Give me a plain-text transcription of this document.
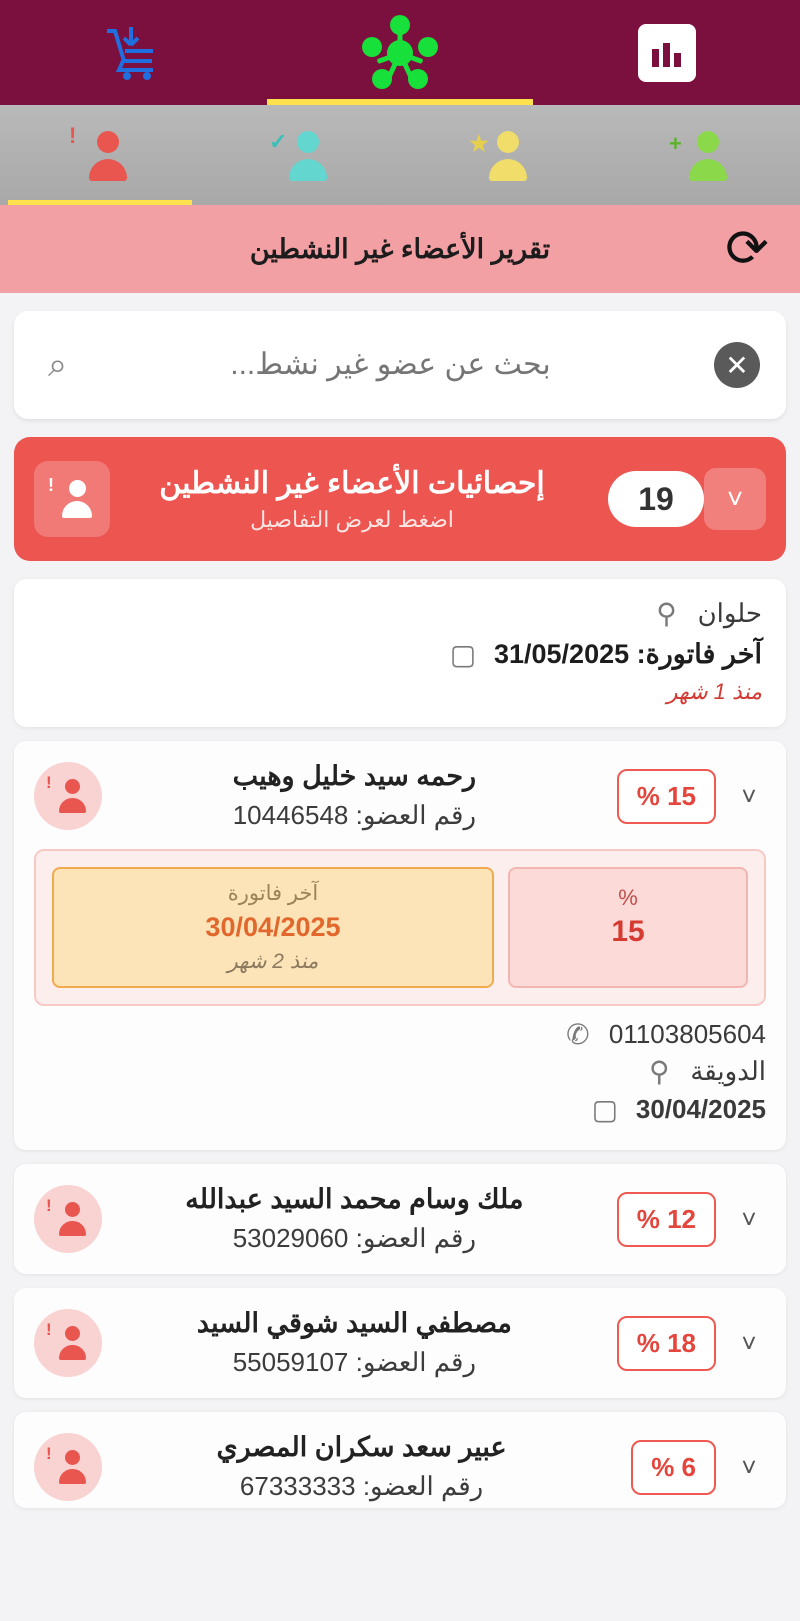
+
★
✓
!
⟳
تقرير الأعضاء غير النشطين
✕
بحث عن عضو غير نشط...
⌕
˅
19
إحصائيات الأعضاء غير النشطين
اضغط لعرض التفاصيل
!
حلوان
⚲
آخر فاتورة: 31/05/2025
▢
منذ 1 شهر
˅
15 %
رحمه سيد خليل وهيب
رقم العضو: 10446548
!
%
15
آخر فاتورة
30/04/2025
منذ 2 شهر
01103805604
✆
الدويقة
⚲
30/04/2025
▢
˅
12 %
ملك وسام محمد السيد عبدالله
رقم العضو: 53029060
!
˅
18 %
مصطفي السيد شوقي السيد
رقم العضو: 55059107
!
˅
6 %
عبير سعد سكران المصري
رقم العضو: 67333333
!
